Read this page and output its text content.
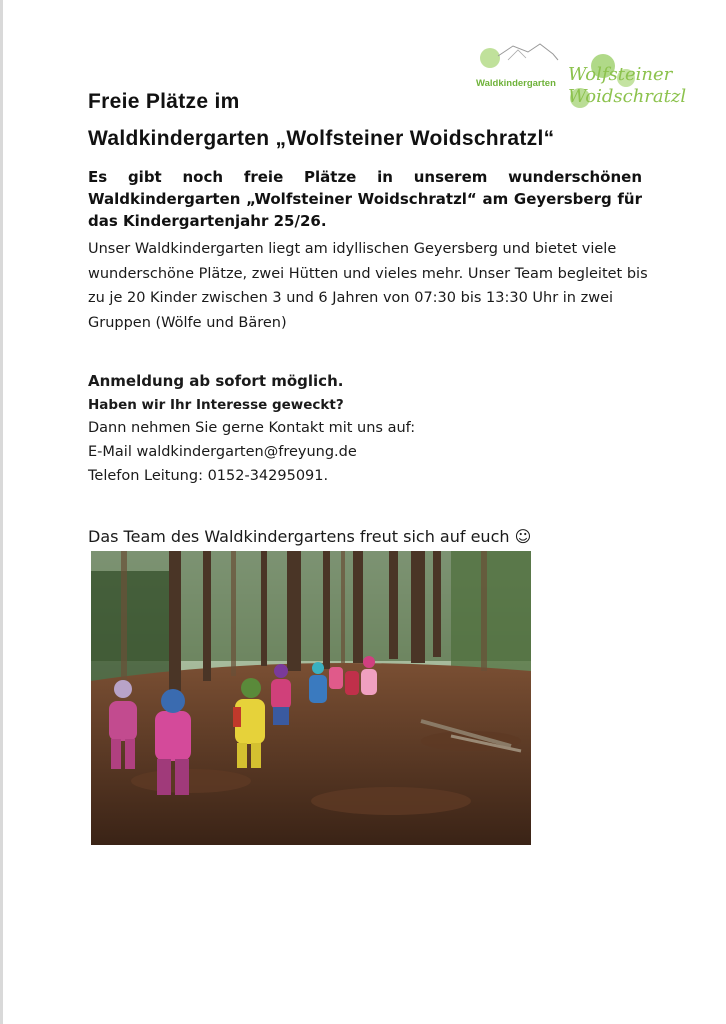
Waldkindergarten Wolfsteiner
Woidschratzl
Freie Plätze im
Waldkindergarten „Wolfsteiner Woidschratzl“
Es gibt noch freie Plätze in unserem wunderschönen Waldkindergarten „Wolfsteiner Woidschratzl“ am Geyersberg für das Kindergartenjahr 25/26.
Unser Waldkindergarten liegt am idyllischen Geyersberg und bietet viele wunderschöne Plätze, zwei Hütten und vieles mehr. Unser Team begleitet bis zu je 20 Kinder zwischen 3 und 6 Jahren von 07:30 bis 13:30 Uhr in zwei Gruppen (Wölfe und Bären)
Anmeldung ab sofort möglich.
Haben wir Ihr Interesse geweckt?
Dann nehmen Sie gerne Kontakt mit uns auf:
E-Mail waldkindergarten@freyung.de
Telefon Leitung: 0152-34295091.
Das Team des Waldkindergartens freut sich auf euch ☺
